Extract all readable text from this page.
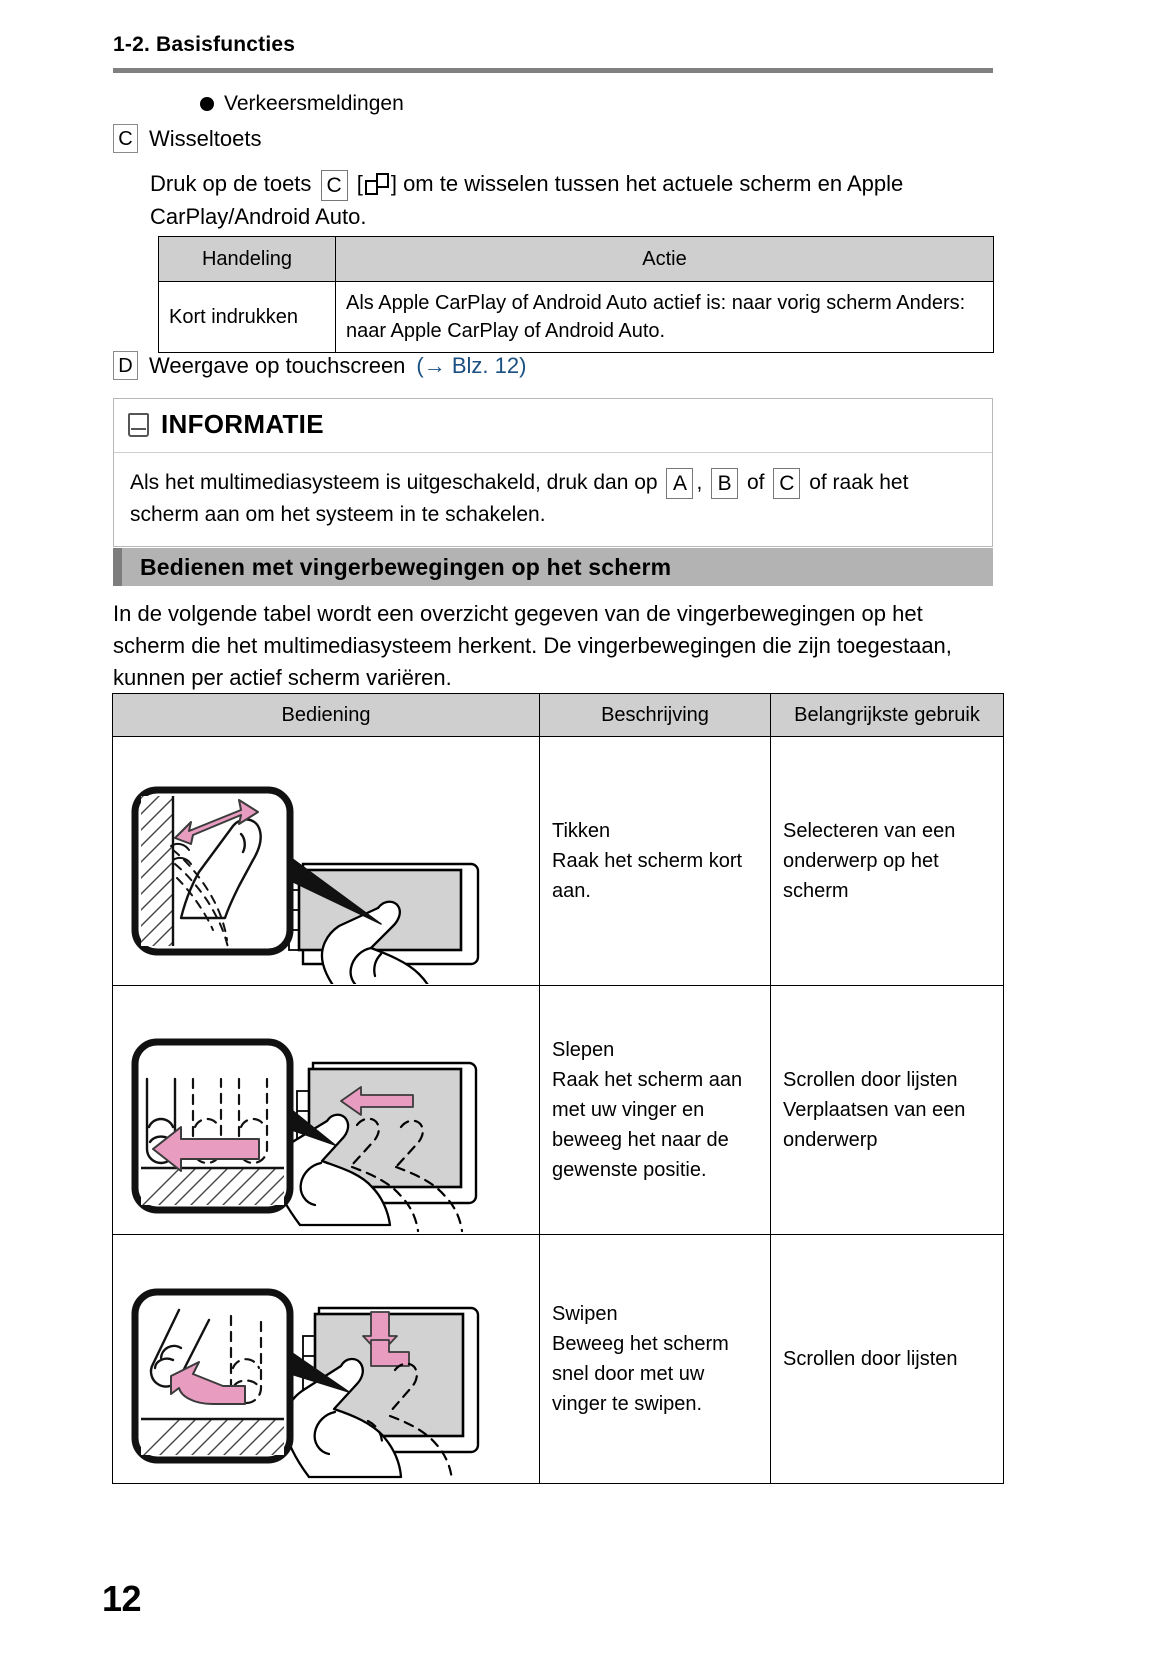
1-2. Basisfuncties
Verkeersmeldingen
C Wisseltoets
Druk op de toets C [ ] om te wisselen tussen het actuele scherm en Apple CarPlay/Android Auto.
Handeling	Actie
Kort indrukken	Als Apple CarPlay of Android Auto actief is: naar vorig scherm Anders: naar Apple CarPlay of Android Auto.
D Weergave op touchscreen (→ Blz. 12)
INFORMATIE
Als het multimediasysteem is uitgeschakeld, druk dan op A , B of C of raak het scherm aan om het systeem in te schakelen.
Bedienen met vingerbewegingen op het scherm
In de volgende tabel wordt een overzicht gegeven van de vingerbewegingen op het scherm die het multimediasysteem herkent. De vingerbewegingen die zijn toegestaan, kunnen per actief scherm variëren.
Bediening	Beschrijving	Belangrijkste gebruik

Tikken
Raak het scherm kort aan.	Selecteren van een onderwerp op het scherm

Slepen
Raak het scherm aan met uw vinger en beweeg het naar de gewenste positie.	Scrollen door lijsten Verplaatsen van een onderwerp

Swipen
Beweeg het scherm snel door met uw vinger te swipen.	Scrollen door lijsten
12
